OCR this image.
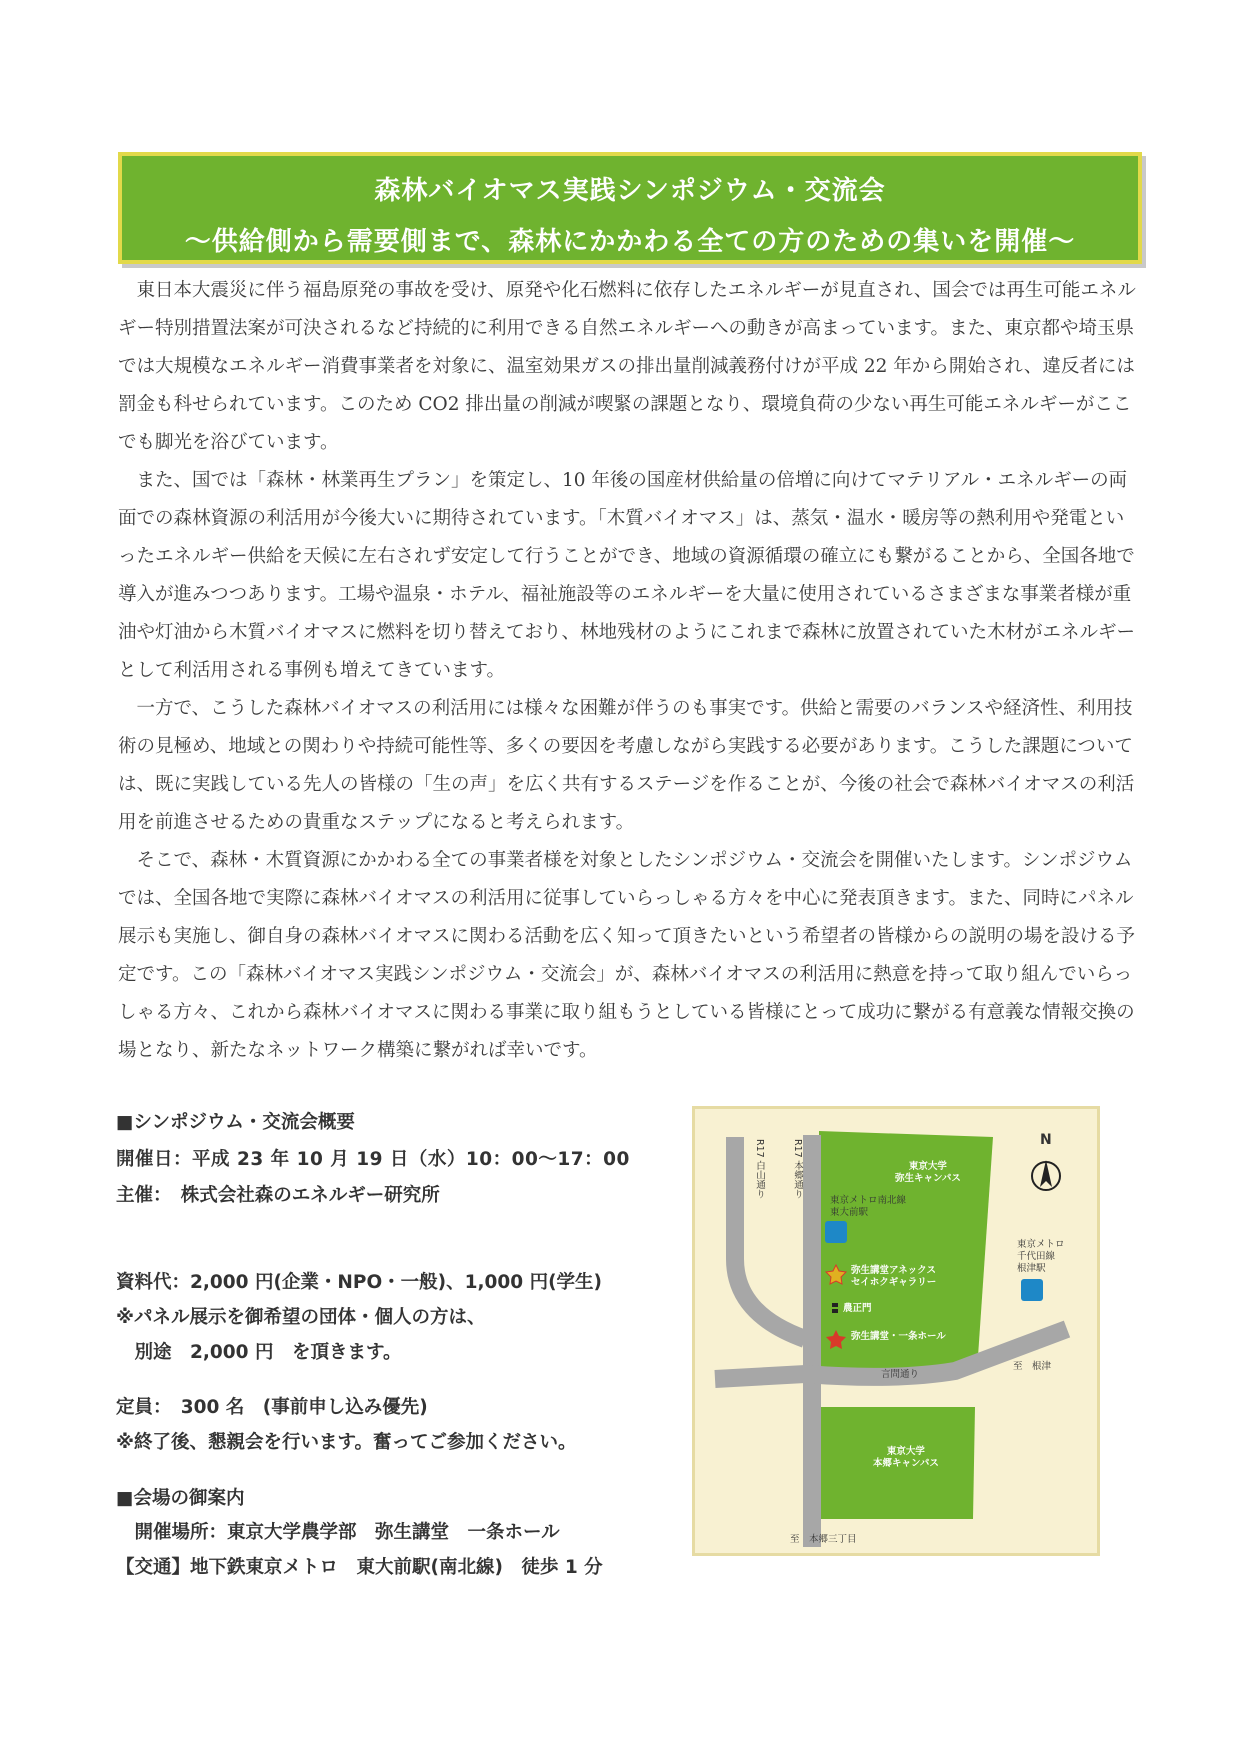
森林バイオマス実践シンポジウム・交流会
～供給側から需要側まで、森林にかかわる全ての方のための集いを開催～

東日本大震災に伴う福島原発の事故を受け、原発や化石燃料に依存したエネルギーが見直され、国会では再生可能エネルギー特別措置法案が可決されるなど持続的に利用できる自然エネルギーへの動きが高まっています。また、東京都や埼玉県では大規模なエネルギー消費事業者を対象に、温室効果ガスの排出量削減義務付けが平成 22 年から開始され、違反者には罰金も科せられています。このため CO2 排出量の削減が喫緊の課題となり、環境負荷の少ない再生可能エネルギーがここでも脚光を浴びています。

また、国では「森林・林業再生プラン」を策定し、10 年後の国産材供給量の倍増に向けてマテリアル・エネルギーの両面での森林資源の利活用が今後大いに期待されています。「木質バイオマス」は、蒸気・温水・暖房等の熱利用や発電といったエネルギー供給を天候に左右されず安定して行うことができ、地域の資源循環の確立にも繋がることから、全国各地で導入が進みつつあります。工場や温泉・ホテル、福祉施設等のエネルギーを大量に使用されているさまざまな事業者様が重油や灯油から木質バイオマスに燃料を切り替えており、林地残材のようにこれまで森林に放置されていた木材がエネルギーとして利活用される事例も増えてきています。

一方で、こうした森林バイオマスの利活用には様々な困難が伴うのも事実です。供給と需要のバランスや経済性、利用技術の見極め、地域との関わりや持続可能性等、多くの要因を考慮しながら実践する必要があります。こうした課題については、既に実践している先人の皆様の「生の声」を広く共有するステージを作ることが、今後の社会で森林バイオマスの利活用を前進させるための貴重なステップになると考えられます。

そこで、森林・木質資源にかかわる全ての事業者様を対象としたシンポジウム・交流会を開催いたします。シンポジウムでは、全国各地で実際に森林バイオマスの利活用に従事していらっしゃる方々を中心に発表頂きます。また、同時にパネル展示も実施し、御自身の森林バイオマスに関わる活動を広く知って頂きたいという希望者の皆様からの説明の場を設ける予定です。この「森林バイオマス実践シンポジウム・交流会」が、森林バイオマスの利活用に熱意を持って取り組んでいらっしゃる方々、これから森林バイオマスに関わる事業に取り組もうとしている皆様にとって成功に繋がる有意義な情報交換の場となり、新たなネットワーク構築に繋がれば幸いです。

■シンポジウム・交流会概要
開催日：平成 23 年 10 月 19 日（水）10：00～17：00
主催：　株式会社森のエネルギー研究所
資料代：2,000 円(企業・NPO・一般)、1,000 円(学生)
※パネル展示を御希望の団体・個人の方は、
　別途　2,000 円　を頂きます。
定員：　300 名　(事前申し込み優先)
※終了後、懇親会を行います。奮ってご参加ください。
■会場の御案内
　開催場所：東京大学農学部　弥生講堂　一条ホール
【交通】地下鉄東京メトロ　東大前駅(南北線)　徒歩 1 分
R17 白山通り	R17 本郷通り	東京大学
弥生キャンパス
東京メトロ南北線
東大前駅
東京メトロ
千代田線
根津駅
弥生講堂アネックス
セイホクギャラリー
農正門
弥生講堂・一条ホール
言問通り
至　根津
東京大学
本郷キャンパス
至　本郷三丁目
N
